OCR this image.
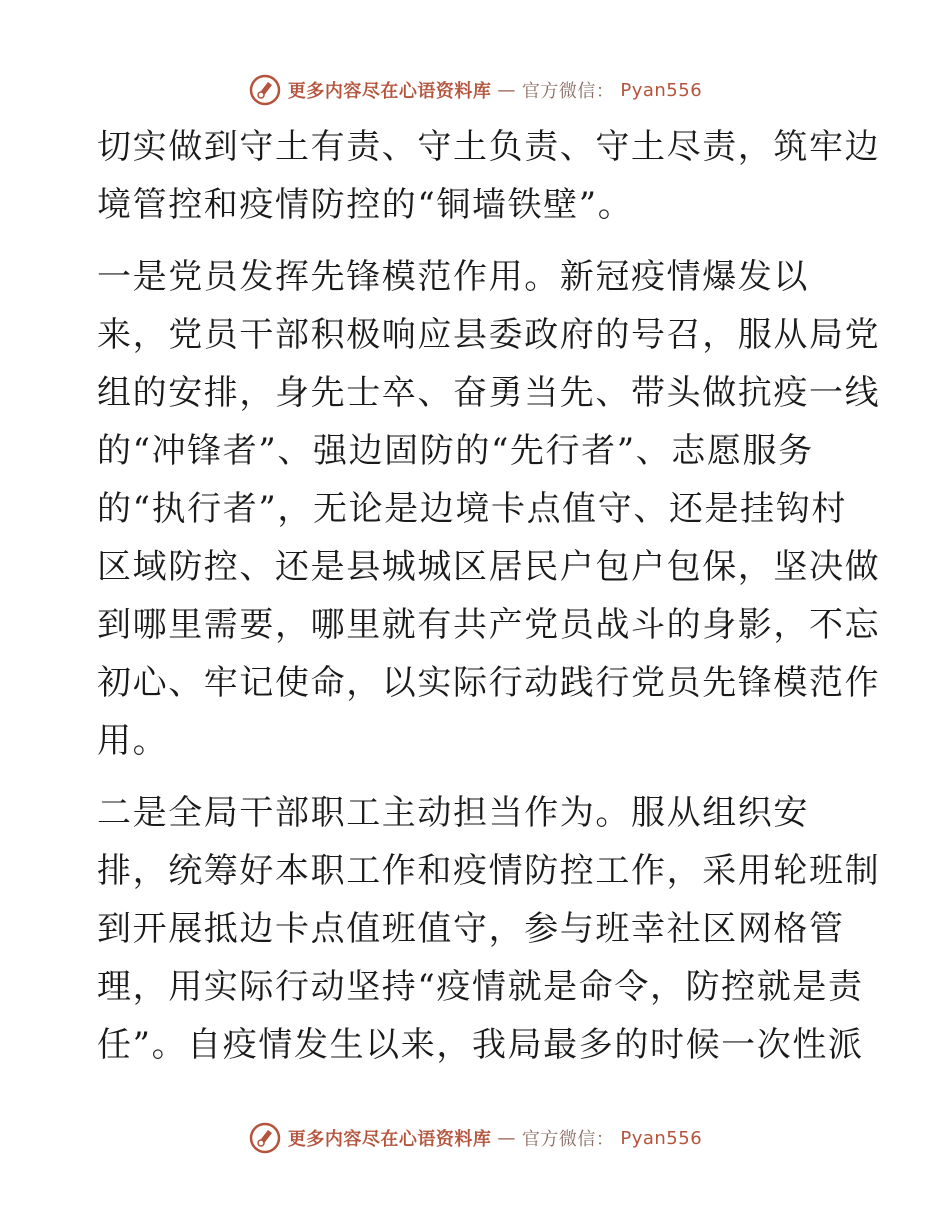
更多内容尽在心语资料库 — 官方微信： Pyan556

切实做到守土有责、守土负责、守土尽责，筑牢边
境管控和疫情防控的“铜墙铁壁”。

一是党员发挥先锋模范作用。新冠疫情爆发以
来，党员干部积极响应县委政府的号召，服从局党
组的安排，身先士卒、奋勇当先、带头做抗疫一线
的“冲锋者”、强边固防的“先行者”、志愿服务
的“执行者”，无论是边境卡点值守、还是挂钩村
区域防控、还是县城城区居民户包户包保，坚决做
到哪里需要，哪里就有共产党员战斗的身影，不忘
初心、牢记使命，以实际行动践行党员先锋模范作
用。

二是全局干部职工主动担当作为。服从组织安
排，统筹好本职工作和疫情防控工作，采用轮班制
到开展抵边卡点值班值守，参与班幸社区网格管
理，用实际行动坚持“疫情就是命令，防控就是责
任”。自疫情发生以来，我局最多的时候一次性派

更多内容尽在心语资料库 — 官方微信： Pyan556
